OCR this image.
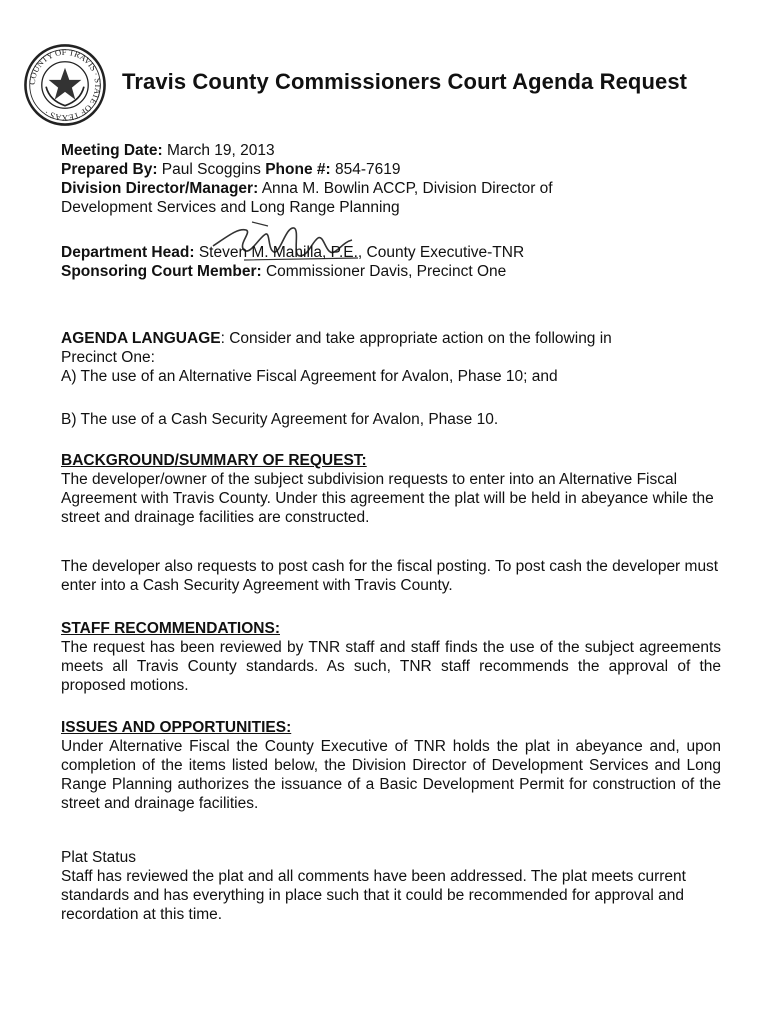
COUNTY OF TRAVIS · STATE OF TEXAS ·
Travis County Commissioners Court Agenda Request
Meeting Date: March 19, 2013
Prepared By: Paul Scoggins Phone #: 854-7619
Division Director/Manager: Anna M. Bowlin ACCP, Division Director of
Development Services and Long Range Planning
Department Head: Steven M. Manilla, P.E., County Executive-TNR
Sponsoring Court Member: Commissioner Davis, Precinct One
AGENDA LANGUAGE: Consider and take appropriate action on the following in
Precinct One:
A) The use of an Alternative Fiscal Agreement for Avalon, Phase 10; and
B) The use of a Cash Security Agreement for Avalon, Phase 10.
BACKGROUND/SUMMARY OF REQUEST:
The developer/owner of the subject subdivision requests to enter into an Alternative Fiscal Agreement with Travis County. Under this agreement the plat will be held in abeyance while the street and drainage facilities are constructed.
The developer also requests to post cash for the fiscal posting. To post cash the developer must enter into a Cash Security Agreement with Travis County.
STAFF RECOMMENDATIONS:
The request has been reviewed by TNR staff and staff finds the use of the subject agreements meets all Travis County standards. As such, TNR staff recommends the approval of the proposed motions.
ISSUES AND OPPORTUNITIES:
Under Alternative Fiscal the County Executive of TNR holds the plat in abeyance and, upon completion of the items listed below, the Division Director of Development Services and Long Range Planning authorizes the issuance of a Basic Development Permit for construction of the street and drainage facilities.
Plat Status
Staff has reviewed the plat and all comments have been addressed. The plat meets current standards and has everything in place such that it could be recommended for approval and recordation at this time.
